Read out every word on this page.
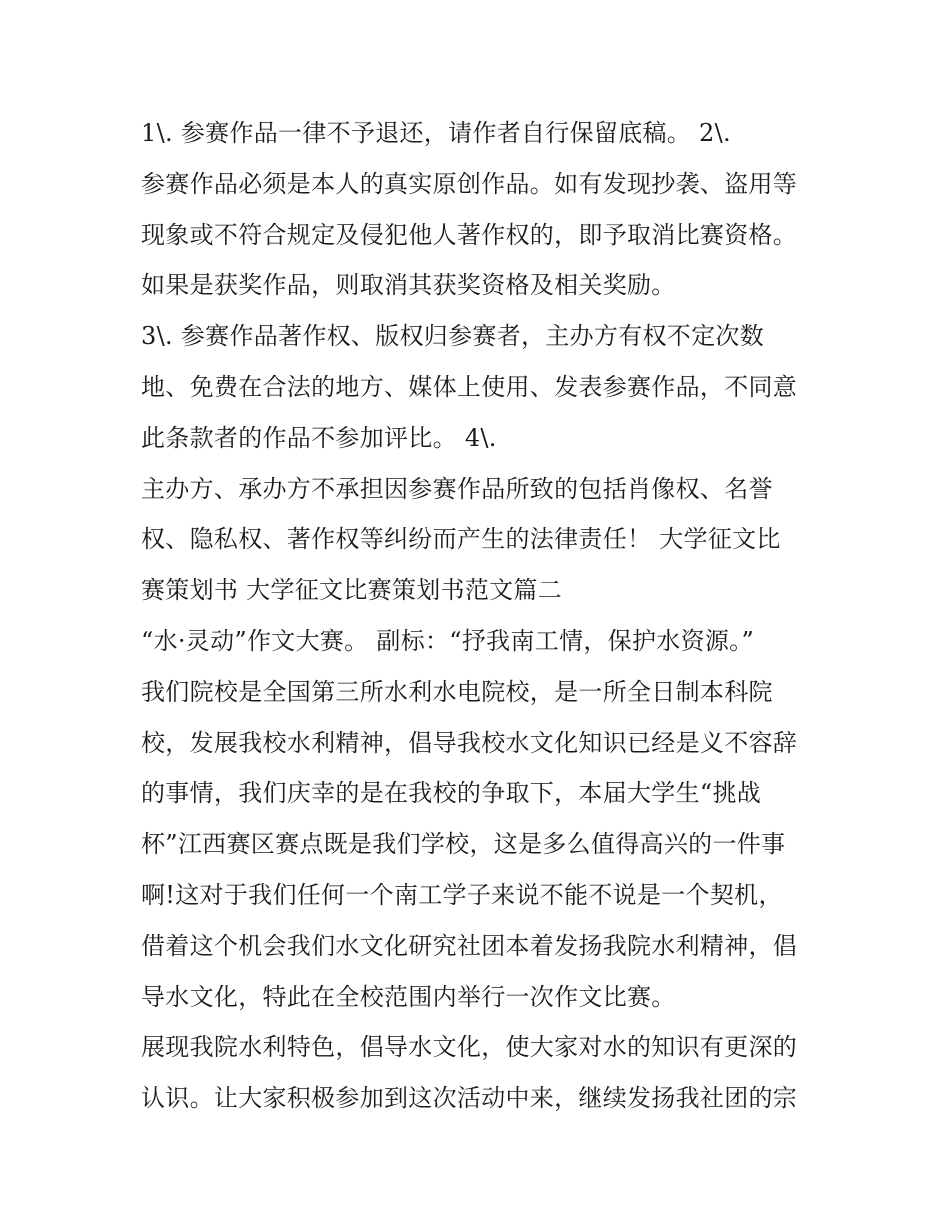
1\. 参赛作品一律不予退还，请作者自行保留底稿。 2\.
参赛作品必须是本人的真实原创作品。如有发现抄袭、盗用等
现象或不符合规定及侵犯他人著作权的，即予取消比赛资格。
如果是获奖作品，则取消其获奖资格及相关奖励。
3\. 参赛作品著作权、版权归参赛者，主办方有权不定次数
地、免费在合法的地方、媒体上使用、发表参赛作品，不同意
此条款者的作品不参加评比。 4\.
主办方、承办方不承担因参赛作品所致的包括肖像权、名誉
权、隐私权、著作权等纠纷而产生的法律责任！ 大学征文比
赛策划书 大学征文比赛策划书范文篇二
“水·灵动”作文大赛。 副标：“抒我南工情，保护水资源。”
我们院校是全国第三所水利水电院校，是一所全日制本科院
校，发展我校水利精神，倡导我校水文化知识已经是义不容辞
的事情，我们庆幸的是在我校的争取下，本届大学生“挑战
杯”江西赛区赛点既是我们学校，这是多么值得高兴的一件事
啊!这对于我们任何一个南工学子来说不能不说是一个契机，
借着这个机会我们水文化研究社团本着发扬我院水利精神，倡
导水文化，特此在全校范围内举行一次作文比赛。
展现我院水利特色，倡导水文化，使大家对水的知识有更深的
认识。让大家积极参加到这次活动中来，继续发扬我社团的宗
